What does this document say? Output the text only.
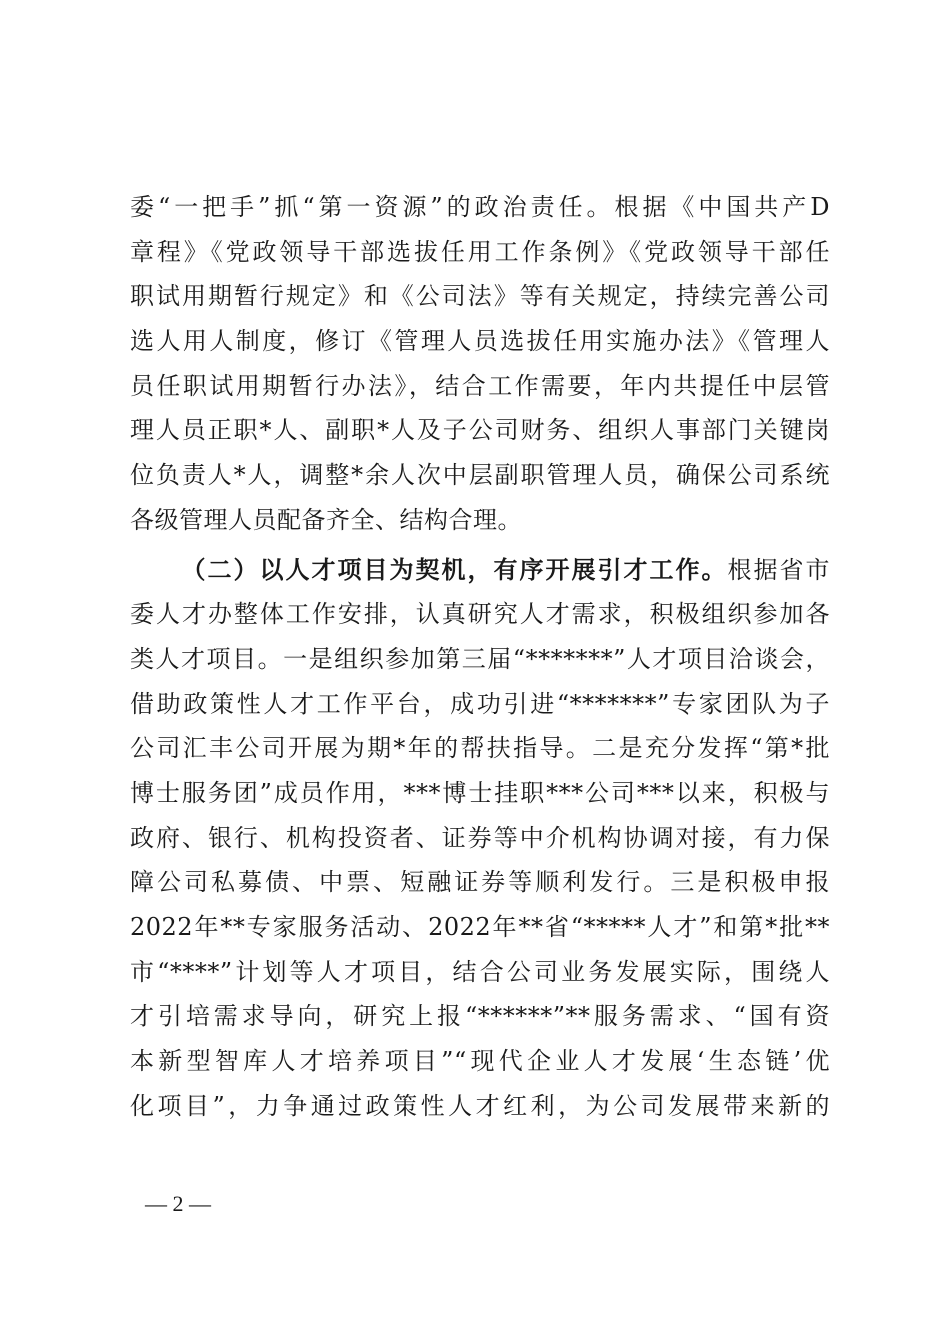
委“一把手”抓“第一资源”的政治责任。根据《中国共产D
章程》《党政领导干部选拔任用工作条例》《党政领导干部任
职试用期暂行规定》和《公司法》等有关规定，持续完善公司
选人用人制度，修订《管理人员选拔任用实施办法》《管理人
员任职试用期暂行办法》，结合工作需要，年内共提任中层管
理人员正职*人、副职*人及子公司财务、组织人事部门关键岗
位负责人*人，调整*余人次中层副职管理人员，确保公司系统
各级管理人员配备齐全、结构合理。
（二）以人才项目为契机，有序开展引才工作。根据省市
委人才办整体工作安排，认真研究人才需求，积极组织参加各
类人才项目。一是组织参加第三届“*******”人才项目洽谈会，
借助政策性人才工作平台，成功引进“*******”专家团队为子
公司汇丰公司开展为期*年的帮扶指导。二是充分发挥“第*批
博士服务团”成员作用，***博士挂职***公司***以来，积极与
政府、银行、机构投资者、证券等中介机构协调对接，有力保
障公司私募债、中票、短融证券等顺利发行。三是积极申报
2022年**专家服务活动、2022年**省“*****人才”和第*批**
市“****”计划等人才项目，结合公司业务发展实际，围绕人
才引培需求导向，研究上报“******”**服务需求、“国有资
本新型智库人才培养项目”“现代企业人才发展‘生态链’优
化项目”，力争通过政策性人才红利，为公司发展带来新的
— 2 —
